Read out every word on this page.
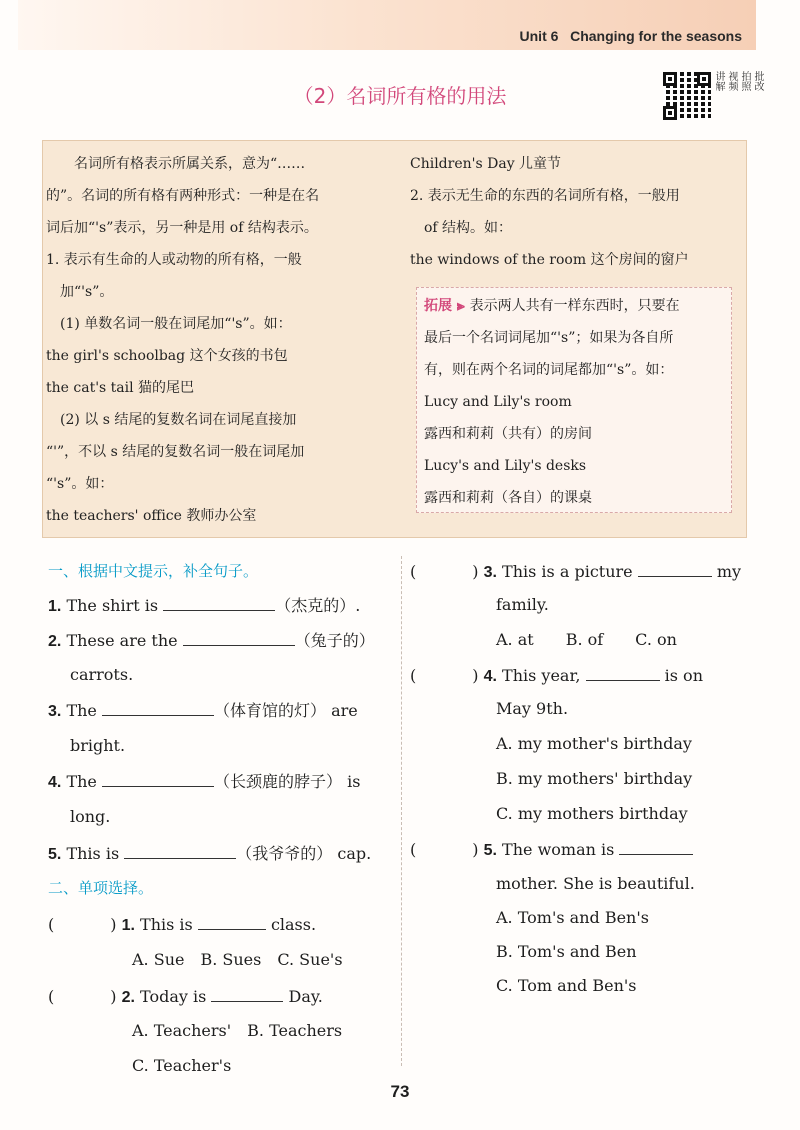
Unit 6 Changing for the seasons
讲解 视频 拍照 批改
（2）名词所有格的用法
　　名词所有格表示所属关系，意为“……
的”。名词的所有格有两种形式：一种是在名
词后加“'s”表示，另一种是用 of 结构表示。
1. 表示有生命的人或动物的所有格，一般
　加“'s”。
　(1) 单数名词一般在词尾加“'s”。如：
the girl's schoolbag 这个女孩的书包
the cat's tail 猫的尾巴
　(2) 以 s 结尾的复数名词在词尾直接加
“'”，不以 s 结尾的复数名词一般在词尾加
“'s”。如：
the teachers' office 教师办公室
Children's Day 儿童节
2. 表示无生命的东西的名词所有格，一般用
　of 结构。如：
the windows of the room 这个房间的窗户
拓展 ⫸ 表示两人共有一样东西时，只要在
最后一个名词词尾加“'s”；如果为各自所
有，则在两个名词的词尾都加“'s”。如：
Lucy and Lily's room
露西和莉莉（共有）的房间
Lucy's and Lily's desks
露西和莉莉（各自）的课桌
一、根据中文提示，补全句子。
1. The shirt is	（杰克的）.
2. These are the	（兔子的）
carrots.
3. The	（体育馆的灯） are
bright.
4. The	（长颈鹿的脖子） is
long.
5. This is	（我爷爷的） cap.
二、单项选择。
(	) 1. This is	class.
A. Sue　B. Sues　C. Sue's
(	) 2. Today is	Day.
A. Teachers'　B. Teachers
C. Teacher's
(	) 3. This is a picture	my
family.
A. at　　B. of　　C. on
(	) 4. This year,	is on
May 9th.
A. my mother's birthday
B. my mothers' birthday
C. my mothers birthday
(	) 5. The woman is
mother. She is beautiful.
A. Tom's and Ben's
B. Tom's and Ben
C. Tom and Ben's
73
